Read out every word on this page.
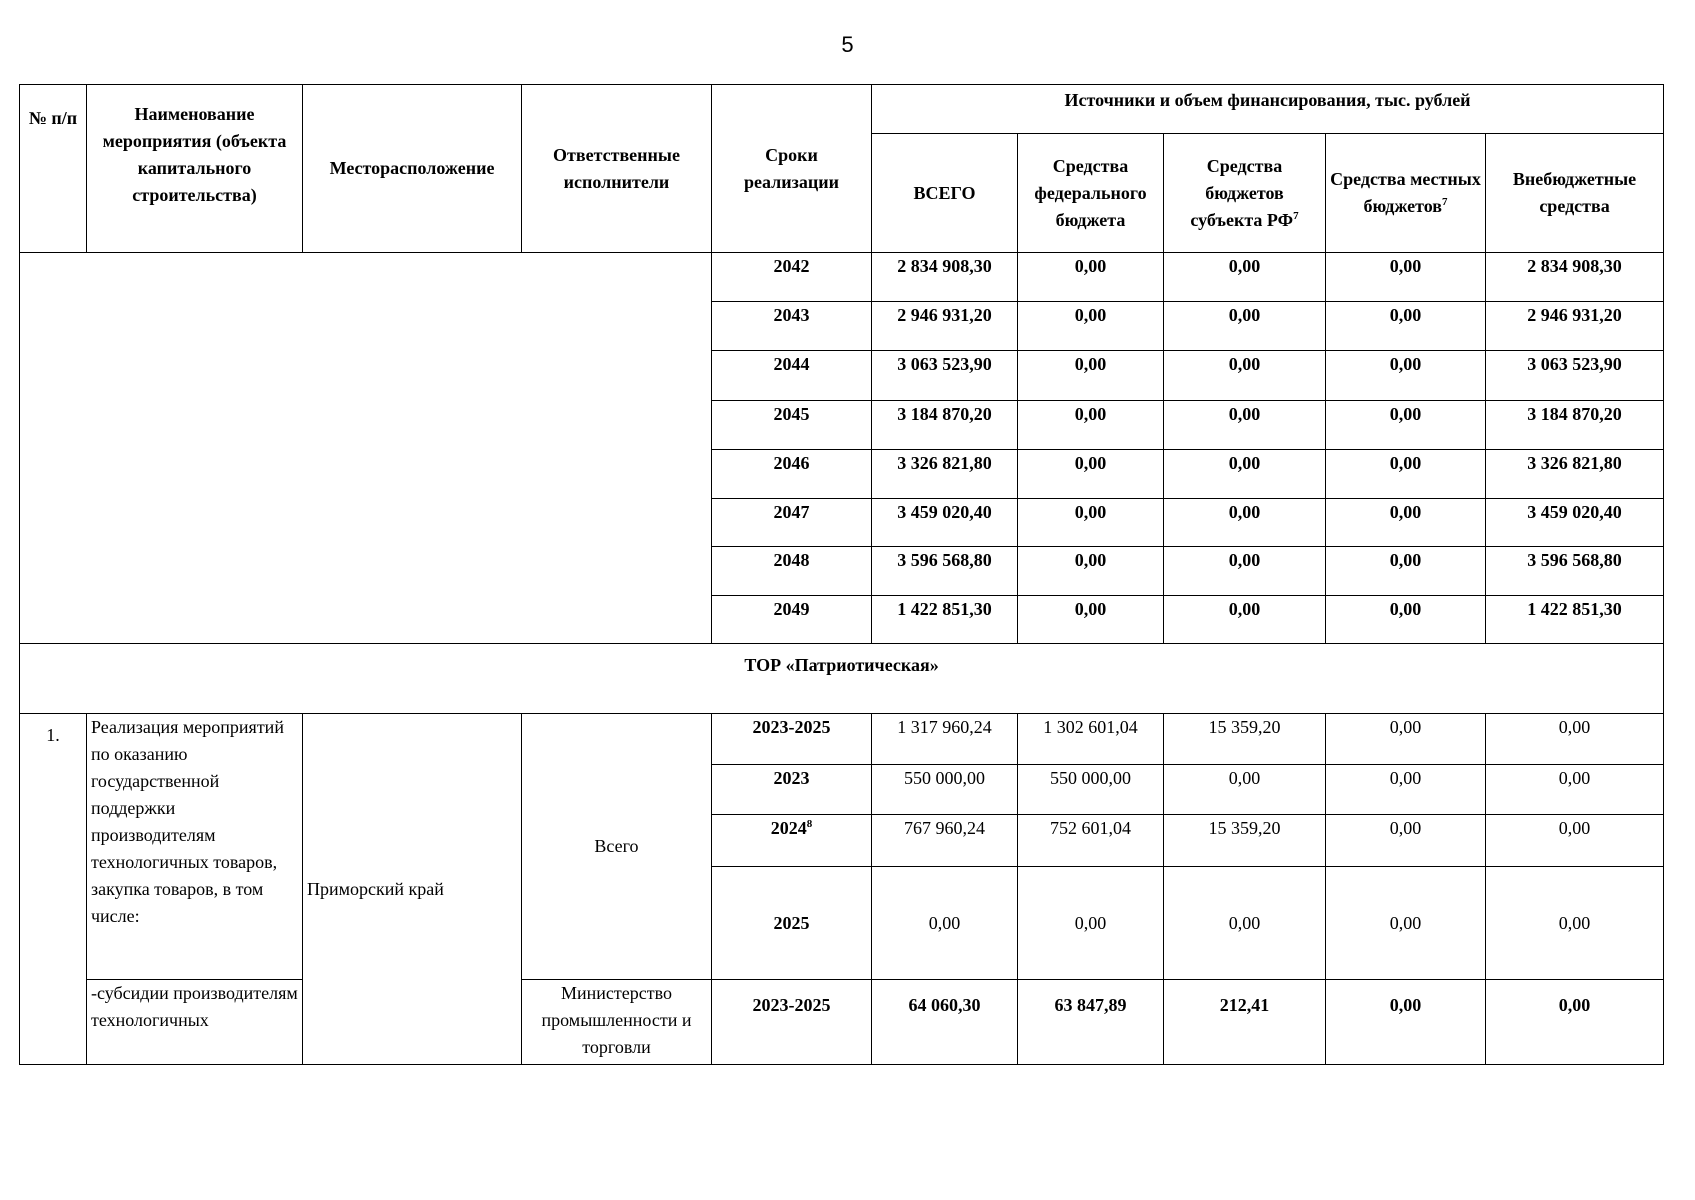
5
№ п/п	Наименование мероприятия (объекта капитального строительства)	Месторасположение	Ответственные исполнители	Сроки реализации	Источники и объем финансирования, тыс. рублей				
					ВСЕГО	Средства федерального бюджета	Средства бюджетов субъекта $РФ^7$	Средства местных бюджетов$^7$	Внебюджетные средства
				2042	2 834 908,30	0,00	0,00	0,00	2 834 908,30
				2043	2 946 931,20	0,00	0,00	0,00	2 946 931,20
				2044	3 063 523,90	0,00	0,00	0,00	3 063 523,90
				2045	3 184 870,20	0,00	0,00	0,00	3 184 870,20
				2046	3 326 821,80	0,00	0,00	0,00	3 326 821,80
				2047	3 459 020,40	0,00	0,00	0,00	3 459 020,40
				2048	3 596 568,80	0,00	0,00	0,00	3 596 568,80
				2049	1 422 851,30	0,00	0,00	0,00	1 422 851,30
ТОР «Патриотическая»									
1.	Реализация мероприятий по оказанию государственной поддержки производителям технологичных товаров, закупка товаров, в том числе:	Приморский край	Всего	2023-2025	1 317 960,24	1 302 601,04	15 359,20	0,00	0,00
				2023	550 000,00	550 000,00	0,00	0,00	0,00
				2024$^8$	767 960,24	752 601,04	15 359,20	0,00	0,00
				2025	0,00	0,00	0,00	0,00	0,00
	-субсидии производителям технологичных		Министерство промышленности и торговли	2023-2025	64 060,30	63 847,89	212,41	0,00	0,00
